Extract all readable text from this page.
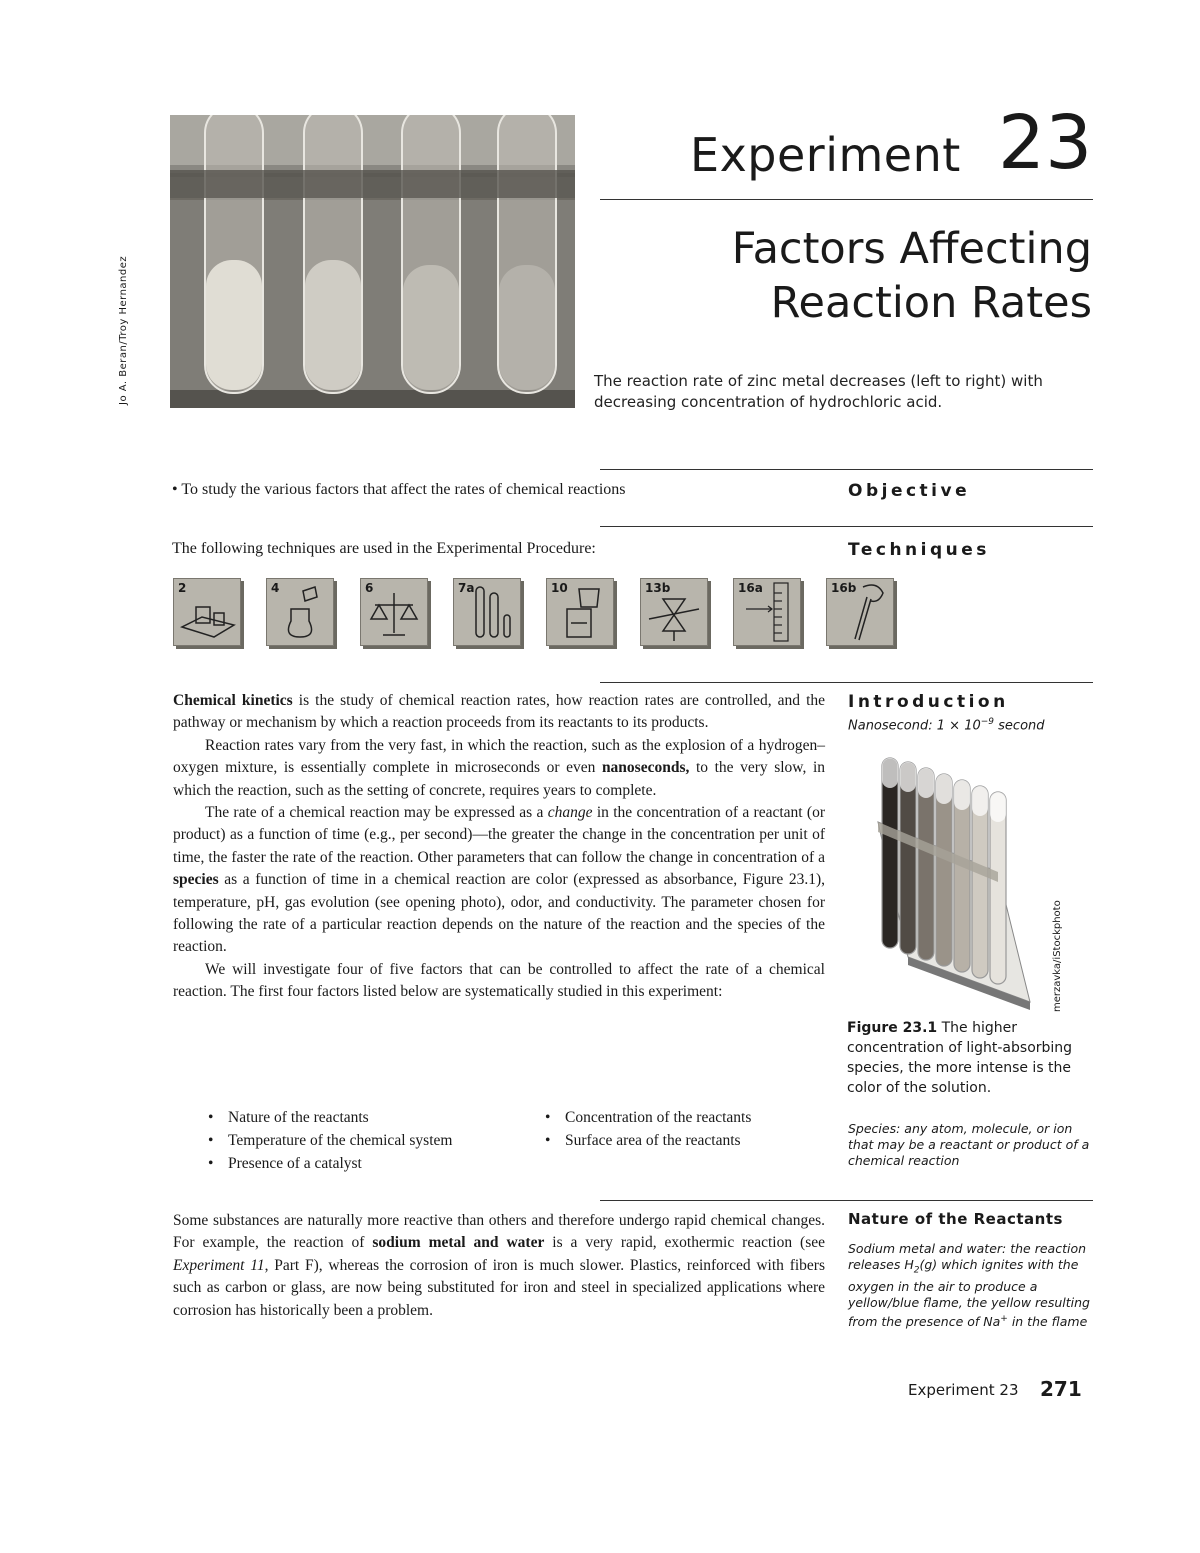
Jo A. Beran/Troy Hernandez
Experiment 23
Factors Affecting
Reaction Rates
The reaction rate of zinc metal decreases (left to right) with decreasing concentration of hydrochloric acid.
• To study the various factors that affect the rates of chemical reactions	Objective
The following techniques are used in the Experimental Procedure:	Techniques
2	4	6	7a	10	13b	16a	16b
Introduction
Nanosecond: $1 \times 10^{-9}$ second

Chemical kinetics is the study of chemical reaction rates, how reaction rates are controlled, and the pathway or mechanism by which a reaction proceeds from its reactants to its products.

Reaction rates vary from the very fast, in which the reaction, such as the explosion of a hydrogen–oxygen mixture, is essentially complete in microseconds or even nanoseconds, to the very slow, in which the reaction, such as the setting of concrete, requires years to complete.

The rate of a chemical reaction may be expressed as a change in the concentration of a reactant (or product) as a function of time (e.g., per second)—the greater the change in the concentration per unit of time, the faster the rate of the reaction. Other parameters that can follow the change in concentration of a species as a function of time in a chemical reaction are color (expressed as absorbance, Figure 23.1), temperature, pH, gas evolution (see opening photo), odor, and conductivity. The parameter chosen for following the rate of a particular reaction depends on the nature of the reaction and the species of the reaction.

We will investigate four of five factors that can be controlled to affect the rate of a chemical reaction. The first four factors listed below are systematically studied in this experiment:

• Nature of the reactants
• Temperature of the chemical system
• Presence of a catalyst
• Concentration of the reactants
• Surface area of the reactants
merzavka/iStockphoto
Figure 23.1 The higher concentration of light-absorbing species, the more intense is the color of the solution.
Species: any atom, molecule, or ion that may be a reactant or product of a chemical reaction
Nature of the Reactants
Sodium metal and water: the reaction releases $H_2(g)$ which ignites with the oxygen in the air to produce a yellow/blue flame, the yellow resulting from the presence of Na+ in the flame

Some substances are naturally more reactive than others and therefore undergo rapid chemical changes. For example, the reaction of sodium metal and water is a very rapid, exothermic reaction (see Experiment 11, Part F), whereas the corrosion of iron is much slower. Plastics, reinforced with fibers such as carbon or glass, are now being substituted for iron and steel in specialized applications where corrosion has historically been a problem.

Experiment 23 271
